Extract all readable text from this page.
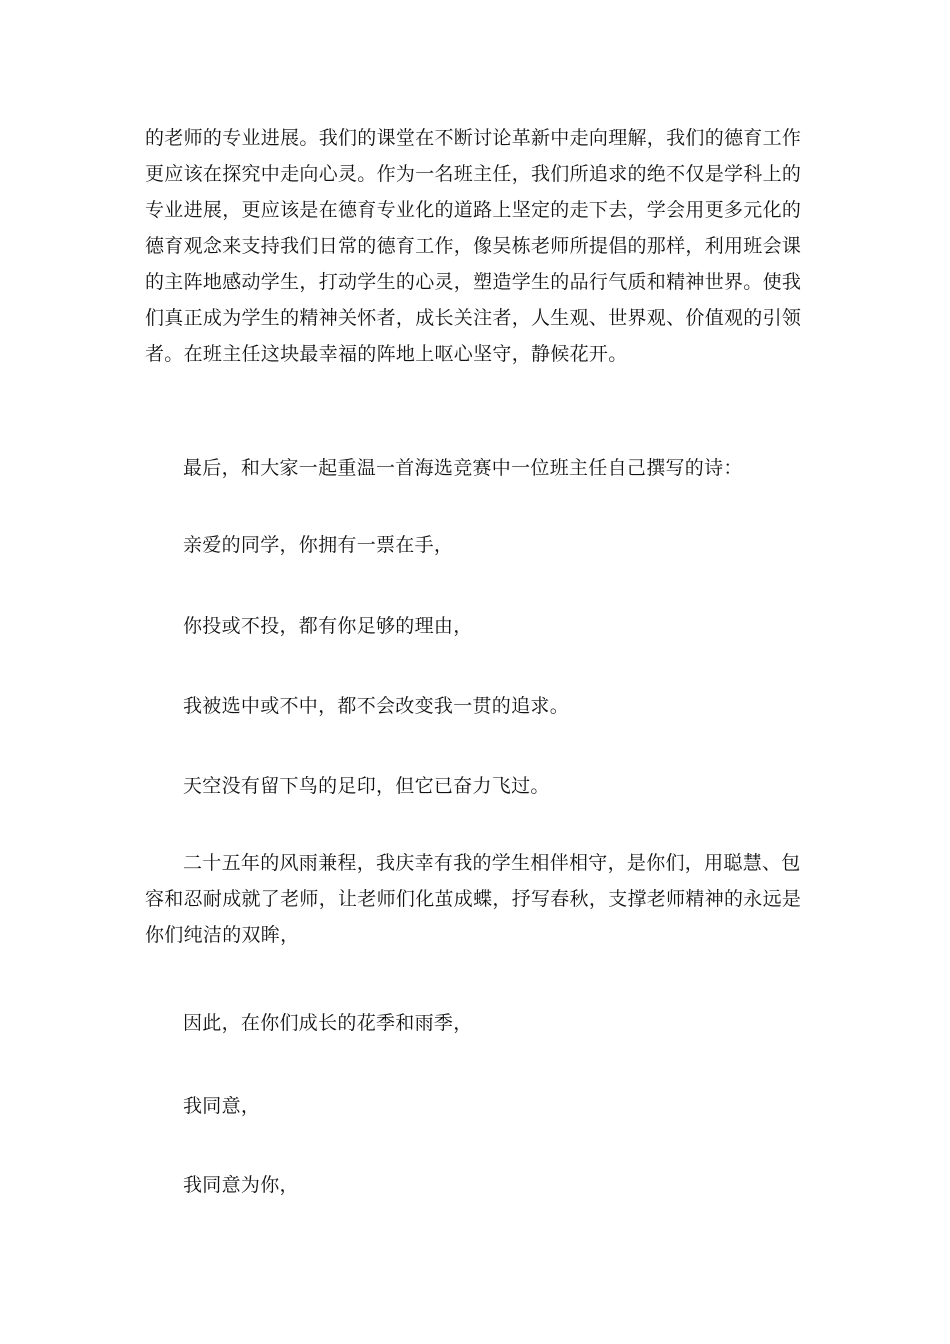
的老师的专业进展。我们的课堂在不断讨论革新中走向理解，我们的德育工作
更应该在探究中走向心灵。作为一名班主任，我们所追求的绝不仅是学科上的
专业进展，更应该是在德育专业化的道路上坚定的走下去，学会用更多元化的
德育观念来支持我们日常的德育工作，像吴栋老师所提倡的那样，利用班会课
的主阵地感动学生，打动学生的心灵，塑造学生的品行气质和精神世界。使我
们真正成为学生的精神关怀者，成长关注者，人生观、世界观、价值观的引领
者。在班主任这块最幸福的阵地上呕心坚守，静候花开。

最后，和大家一起重温一首海选竞赛中一位班主任自己撰写的诗：

亲爱的同学，你拥有一票在手，

你投或不投，都有你足够的理由，

我被选中或不中，都不会改变我一贯的追求。

天空没有留下鸟的足印，但它已奋力飞过。

二十五年的风雨兼程，我庆幸有我的学生相伴相守，是你们，用聪慧、包
容和忍耐成就了老师，让老师们化茧成蝶，抒写春秋，支撑老师精神的永远是
你们纯洁的双眸，

因此，在你们成长的花季和雨季，

我同意，

我同意为你，
